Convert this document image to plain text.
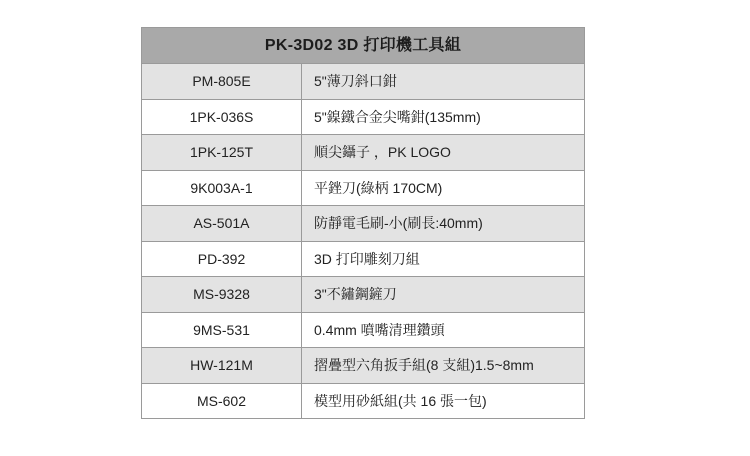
PK-3D02 3D 打印機工具組	
PM-805E	5"薄刀斜口鉗
1PK-036S	5"鎳鐵合金尖嘴鉗(135mm)
1PK-125T	順尖鑷子 ，PK LOGO
9K003A-1	平銼刀(綠柄 170CM)
AS-501A	防靜電毛刷-小(刷長:40mm)
PD-392	3D 打印雕刻刀組
MS-9328	3"不鏽鋼鏟刀
9MS-531	0.4mm 噴嘴清理鑽頭
HW-121M	摺疊型六角扳手組(8 支組)1.5~8mm
MS-602	模型用砂紙組(共 16 張一包)
